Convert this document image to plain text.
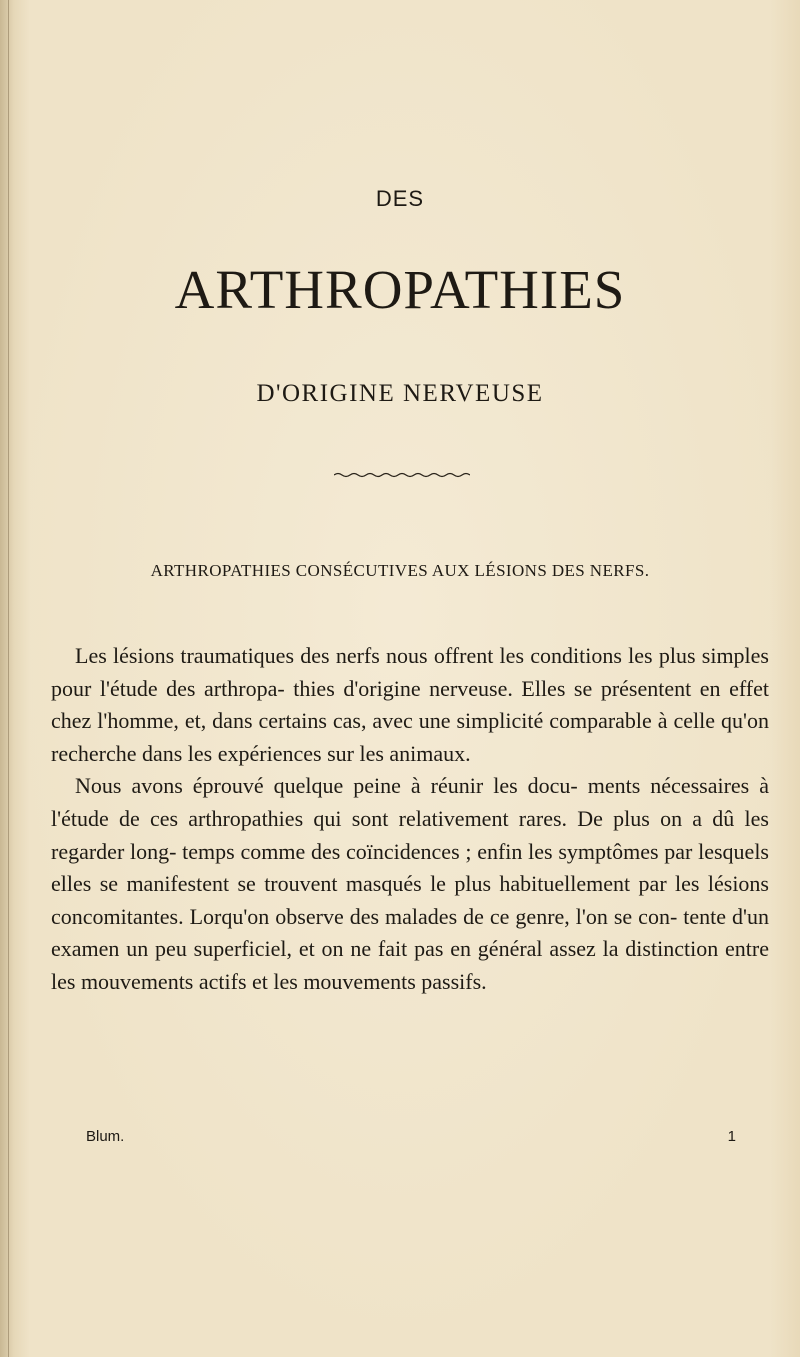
DES
ARTHROPATHIES
D'ORIGINE NERVEUSE
ARTHROPATHIES CONSÉCUTIVES AUX LÉSIONS DES NERFS.

Les lésions traumatiques des nerfs nous offrent les conditions les plus simples pour l'étude des arthropa- thies d'origine nerveuse. Elles se présentent en effet chez l'homme, et, dans certains cas, avec une simplicité comparable à celle qu'on recherche dans les expériences sur les animaux.

Nous avons éprouvé quelque peine à réunir les docu- ments nécessaires à l'étude de ces arthropathies qui sont relativement rares. De plus on a dû les regarder long- temps comme des coïncidences ; enfin les symptômes par lesquels elles se manifestent se trouvent masqués le plus habituellement par les lésions concomitantes. Lorqu'on observe des malades de ce genre, l'on se con- tente d'un examen un peu superficiel, et on ne fait pas en général assez la distinction entre les mouvements actifs et les mouvements passifs.

Blum.	1
